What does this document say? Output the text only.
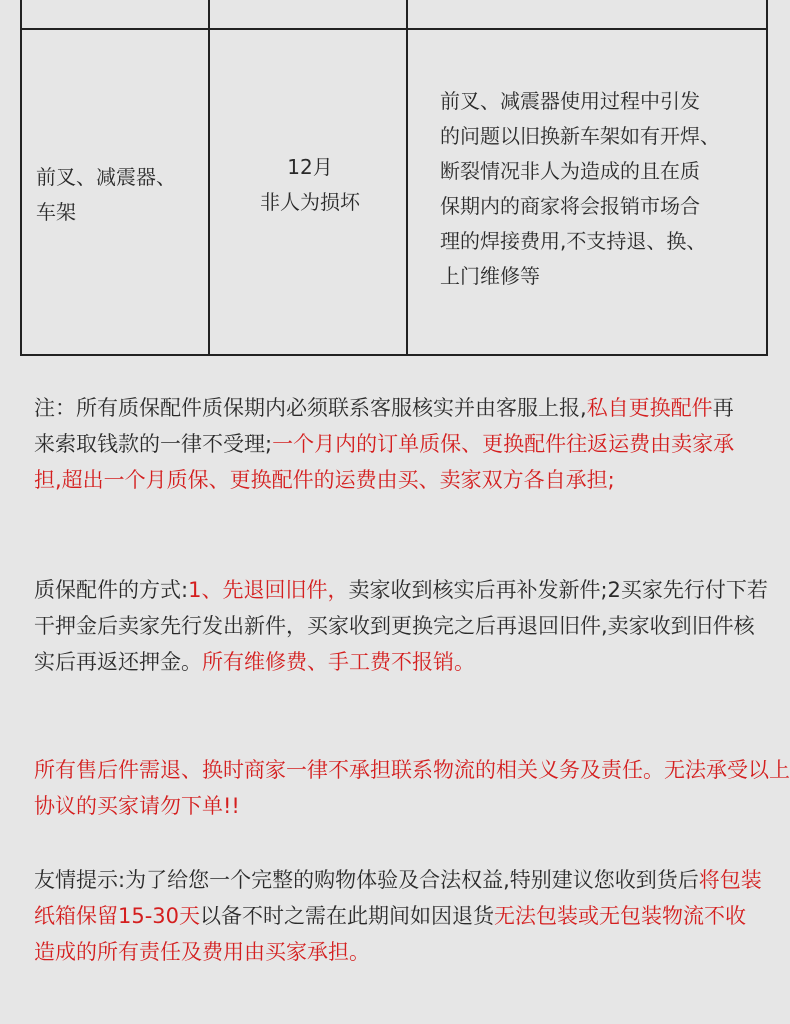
前叉、减震器、
车架
12月
非人为损坏
前叉、减震器使用过程中引发
的问题以旧换新车架如有开焊、
断裂情况非人为造成的且在质
保期内的商家将会报销市场合
理的焊接费用,不支持退、换、
上门维修等

注：所有质保配件质保期内必须联系客服核实并由客服上报,私自更换配件再来索取钱款的一律不受理;一个月内的订单质保、更换配件往返运费由卖家承担,超出一个月质保、更换配件的运费由买、卖家双方各自承担;

质保配件的方式:1、先退回旧件，卖家收到核实后再补发新件;2买家先行付下若干押金后卖家先行发出新件，买家收到更换完之后再退回旧件,卖家收到旧件核实后再返还押金。所有维修费、手工费不报销。

所有售后件需退、换时商家一律不承担联系物流的相关义务及责任。无法承受以上协议的买家请勿下单!!

友情提示:为了给您一个完整的购物体验及合法权益,特别建议您收到货后将包装纸箱保留15-30天以备不时之需在此期间如因退货无法包装或无包装物流不收造成的所有责任及费用由买家承担。
